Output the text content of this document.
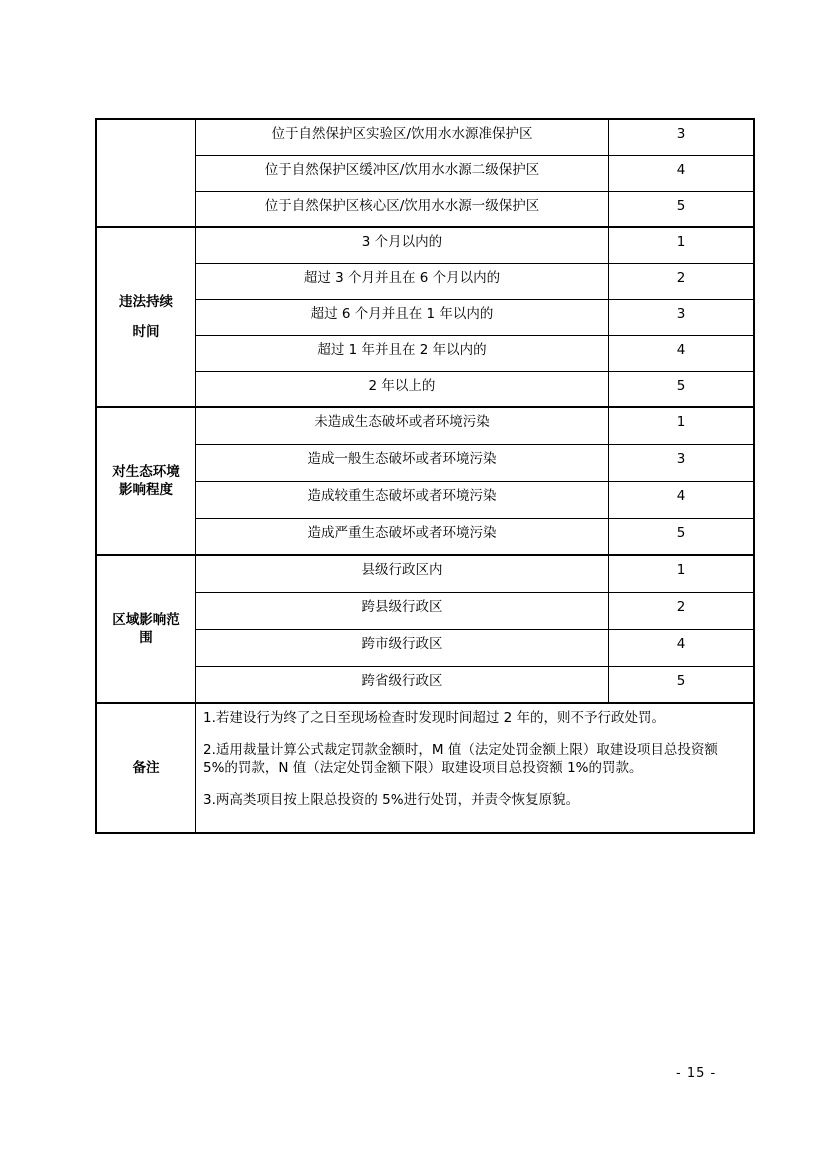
	位于自然保护区实验区/饮用水水源准保护区	3
	位于自然保护区缓冲区/饮用水水源二级保护区	4
	位于自然保护区核心区/饮用水水源一级保护区	5

违法持续
时间	3 个月以内的	1
	超过 3 个月并且在 6 个月以内的	2
	超过 6 个月并且在 1 年以内的	3
	超过 1 年并且在 2 年以内的	4
	2 年以上的	5

对生态环境
影响程度	未造成生态破坏或者环境污染	1
	造成一般生态破坏或者环境污染	3
	造成较重生态破坏或者环境污染	4
	造成严重生态破坏或者环境污染	5

区域影响范
围	县级行政区内	1
	跨县级行政区	2
	跨市级行政区	4
	跨省级行政区	5
备注	1.若建设行为终了之日至现场检查时发现时间超过 2 年的，则不予行政处罚。

2.适用裁量计算公式裁定罚款金额时，M 值（法定处罚金额上限）取建设项目总投资额 5%的罚款，N 值（法定处罚金额下限）取建设项目总投资额 1%的罚款。

3.两高类项目按上限总投资的 5%进行处罚，并责令恢复原貌。	

- 15 -
